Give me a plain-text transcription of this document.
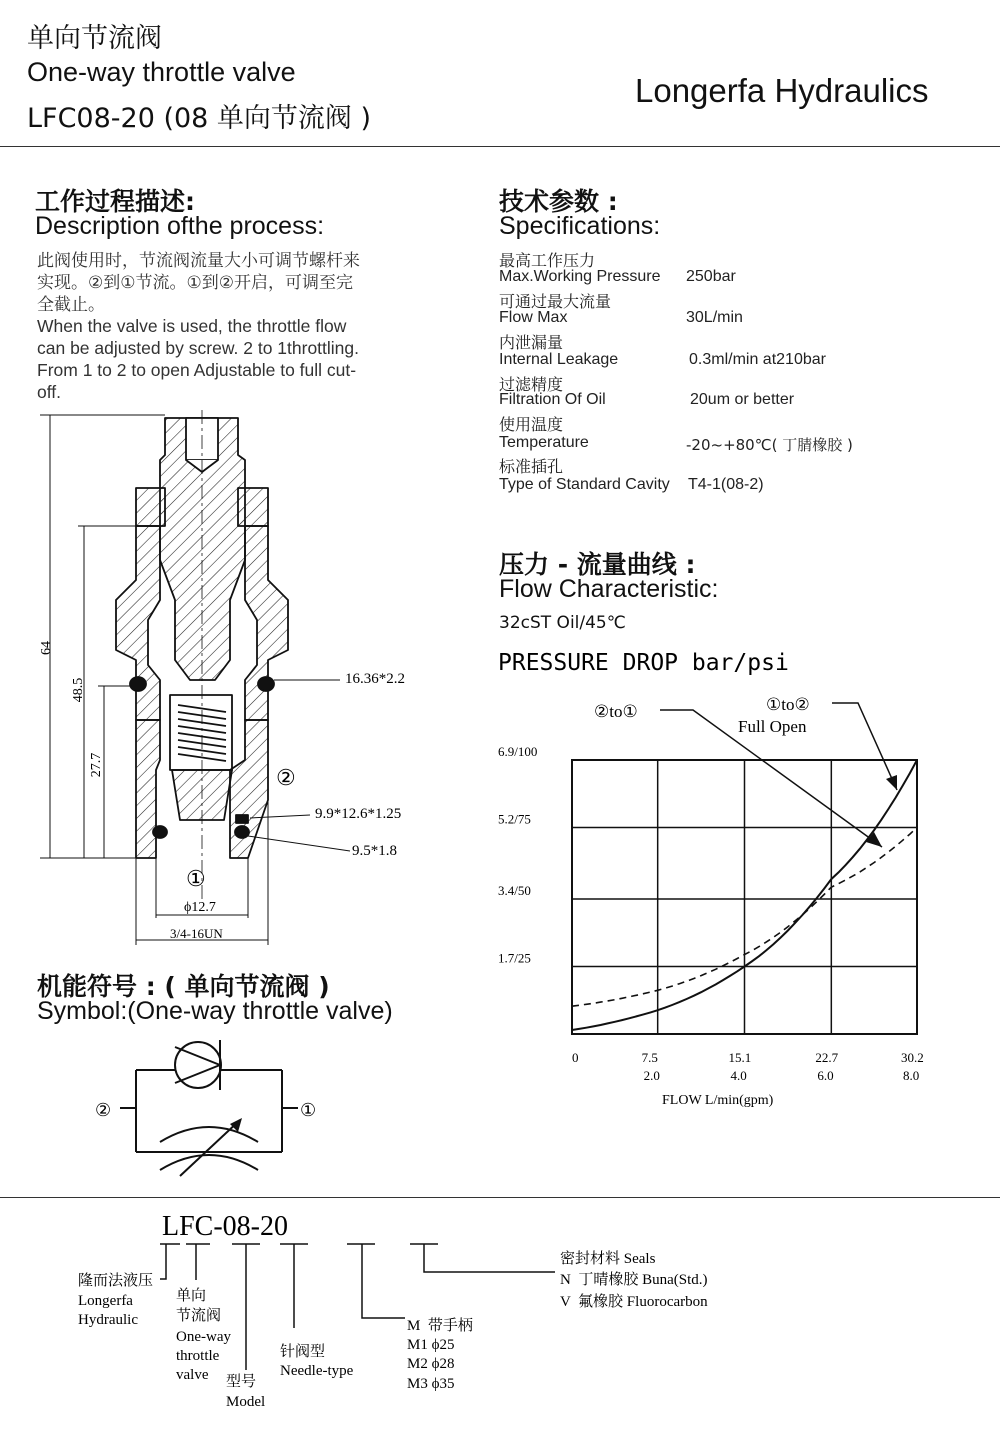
单向节流阀
One-way throttle valve
LFC08-20 (08 单向节流阀 )
Longerfa Hydraulics
工作过程描述:
Description ofthe process:
此阀使用时，节流阀流量大小可调节螺杆来
实现。②到①节流。①到②开启，可调至完
全截止。
When the valve is used, the throttle flow
can be adjusted by screw. 2 to 1throttling.
From 1 to 2 to open Adjustable to full cut-
off.
技术参数 :
Specifications:
最高工作压力
Max.Working Pressure 250bar
可通过最大流量
Flow Max	30L/min
内泄漏量
Internal Leakage	0.3ml/min at210bar
过滤精度
Filtration Of Oil	20um or better
使用温度
Temperature	-20~+80℃( 丁腈橡胶 )
标准插孔
Type of Standard Cavity T4-1(08-2)
压力 - 流量曲线 :
Flow Characteristic:
32cST Oil/45℃
PRESSURE DROP bar/psi
0	7.5	15.1	22.7	30.2
2.0	4.0	6.0	8.0
1.7/25
3.4/50
5.2/75
6.9/100
②to①	①to②
Full Open
FLOW L/min(gpm)
64
48.5
27.7
16.36*2.2
②
9.9*12.6*1.25
9.5*1.8
①
ϕ12.7
3/4-16UN
机能符号 : ( 单向节流阀 )
Symbol:(One-way throttle valve)
②	①
LFC-08-20
隆而法液压
Longerfa
Hydraulic
单向
节流阀
One-way
throttle
valve 型号
Model
针阀型
Needle-type
M  带手柄
M1 ϕ25
M2 ϕ28
M3 ϕ35
密封材料 Seals
N  丁晴橡胶 Buna(Std.)
V  氟橡胶 Fluorocarbon
